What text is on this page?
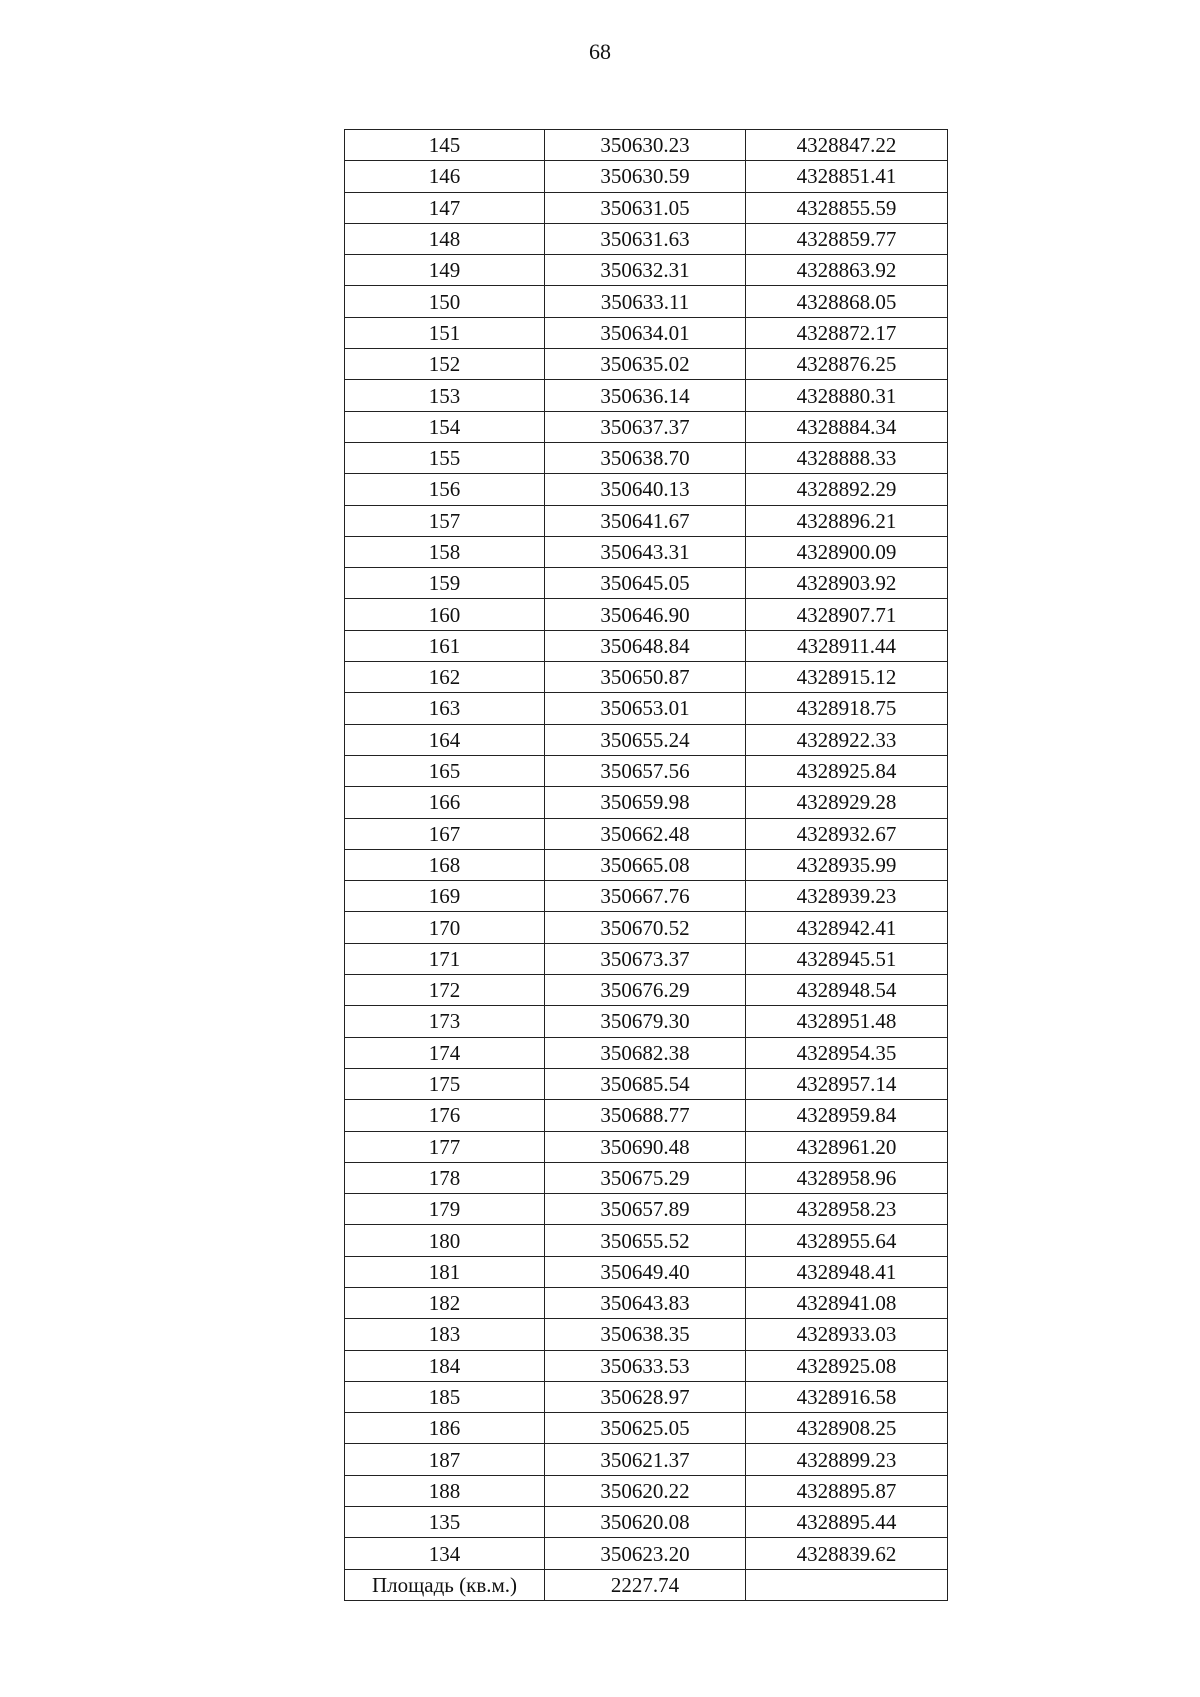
68
145	350630.23	4328847.22
146	350630.59	4328851.41
147	350631.05	4328855.59
148	350631.63	4328859.77
149	350632.31	4328863.92
150	350633.11	4328868.05
151	350634.01	4328872.17
152	350635.02	4328876.25
153	350636.14	4328880.31
154	350637.37	4328884.34
155	350638.70	4328888.33
156	350640.13	4328892.29
157	350641.67	4328896.21
158	350643.31	4328900.09
159	350645.05	4328903.92
160	350646.90	4328907.71
161	350648.84	4328911.44
162	350650.87	4328915.12
163	350653.01	4328918.75
164	350655.24	4328922.33
165	350657.56	4328925.84
166	350659.98	4328929.28
167	350662.48	4328932.67
168	350665.08	4328935.99
169	350667.76	4328939.23
170	350670.52	4328942.41
171	350673.37	4328945.51
172	350676.29	4328948.54
173	350679.30	4328951.48
174	350682.38	4328954.35
175	350685.54	4328957.14
176	350688.77	4328959.84
177	350690.48	4328961.20
178	350675.29	4328958.96
179	350657.89	4328958.23
180	350655.52	4328955.64
181	350649.40	4328948.41
182	350643.83	4328941.08
183	350638.35	4328933.03
184	350633.53	4328925.08
185	350628.97	4328916.58
186	350625.05	4328908.25
187	350621.37	4328899.23
188	350620.22	4328895.87
135	350620.08	4328895.44
134	350623.20	4328839.62
Площадь (кв.м.)	2227.74	
